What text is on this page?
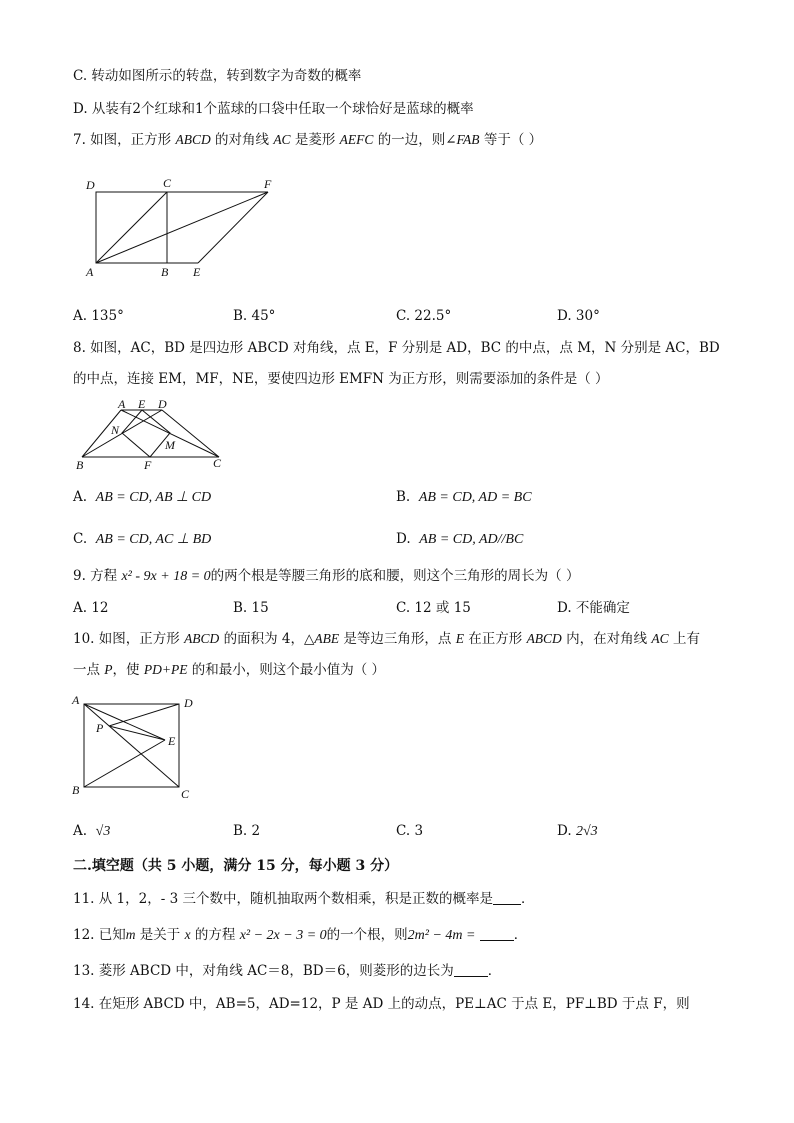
C. 转动如图所示的转盘，转到数字为奇数的概率
D. 从装有2个红球和1个蓝球的口袋中任取一个球恰好是蓝球的概率
7. 如图，正方形 ABCD 的对角线 AC 是菱形 AEFC 的一边，则∠FAB 等于（ ）
D	C	F
A	B E
A. 135°	B. 45°	C. 22.5°	D. 30°
8. 如图，AC，BD 是四边形 ABCD 对角线，点 E，F 分别是 AD，BC 的中点，点 M，N 分别是 AC，BD
的中点，连接 EM，MF，NE，要使四边形 EMFN 为正方形，则需要添加的条件是（ ）
A E D
N
M
B	F	C
A. AB = CD, AB ⊥ CD	B. AB = CD, AD = BC
C. AB = CD, AC ⊥ BD	D. AB = CD, AD//BC
9. 方程 x² - 9x + 18 = 0的两个根是等腰三角形的底和腰，则这个三角形的周长为（ ）
A. 12	B. 15	C. 12 或 15	D. 不能确定
10. 如图，正方形 ABCD 的面积为 4，△ABE 是等边三角形，点 E 在正方形 ABCD 内，在对角线 AC 上有
一点 P，使 PD+PE 的和最小，则这个最小值为（ ）
A	D
P
E
B	C
A. √3	B. 2	C. 3	D. 2√3
二.填空题（共 5 小题，满分 15 分，每小题 3 分）
11. 从 1，2，- 3 三个数中，随机抽取两个数相乘，积是正数的概率是 ．
12. 已知m 是关于 x 的方程 x² − 2x − 3 = 0的一个根，则2m² − 4m =	．
13. 菱形 ABCD 中，对角线 AC＝8，BD＝6，则菱形的边长为	．
14. 在矩形 ABCD 中，AB=5，AD=12，P 是 AD 上的动点，PE⊥AC 于点 E，PF⊥BD 于点 F，则
